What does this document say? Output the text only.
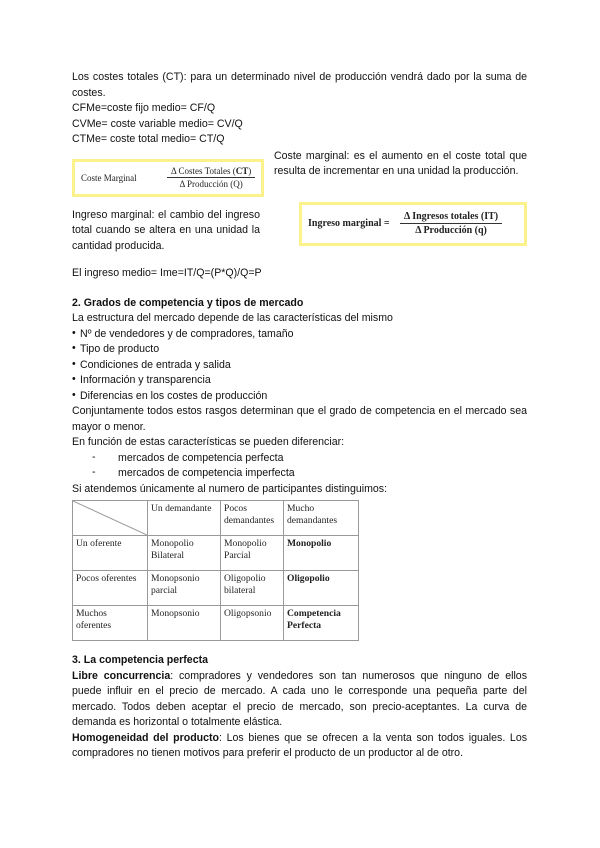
Los costes totales (CT): para un determinado nivel de producción vendrá dado por la suma de costes.

CFMe=coste fijo medio= CF/Q

CVMe= coste variable medio= CV/Q

CTMe= coste total medio= CT/Q

Coste Marginal	$\frac{\text{Δ Costes Totales (CT)}}{\text{Δ Producción (Q)}}$

Coste marginal: es el aumento en el coste total que resulta de incrementar en una unidad la producción.

Ingreso marginal: el cambio del ingreso total cuando se altera en una unidad la cantidad producida.

Ingreso marginal =	$\frac{\text{Δ Ingresos totales (IT)}}{\text{Δ Producción (q)}}$

El ingreso medio= Ime=IT/Q=(P*Q)/Q=P

2. Grados de competencia y tipos de mercado

La estructura del mercado depende de las características del mismo

• Nº de vendedores y de compradores, tamaño

• Tipo de producto

• Condiciones de entrada y salida

• Información y transparencia

• Diferencias en los costes de producción

Conjuntamente todos estos rasgos determinan que el grado de competencia en el mercado sea mayor o menor.

En función de estas características se pueden diferenciar:

-	mercados de competencia perfecta

-	mercados de competencia imperfecta

Si atendemos únicamente al numero de participantes distinguimos:

	Un demandante	Pocos demandantes	Mucho demandantes
Un oferente	Monopolio Bilateral	Monopolio Parcial	Monopolio
Pocos oferentes	Monopsonio parcial	Oligopolio bilateral	Oligopolio
Muchos oferentes	Monopsonio	Oligopsonio	Competencia Perfecta

3. La competencia perfecta

Libre concurrencia: compradores y vendedores son tan numerosos que ninguno de ellos puede influir en el precio de mercado. A cada uno le corresponde una pequeña parte del mercado. Todos deben aceptar el precio de mercado, son precio-aceptantes. La curva de demanda es horizontal o totalmente elástica.

Homogeneidad del producto: Los bienes que se ofrecen a la venta son todos iguales. Los compradores no tienen motivos para preferir el producto de un productor al de otro.
